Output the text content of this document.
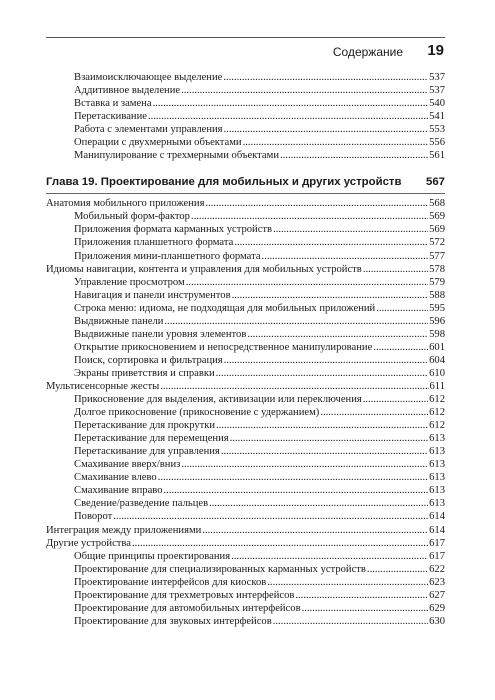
Содержание 19
Взаимоисключающее выделение .....	537
Аддитивное выделение .....	537
Вставка и замена .....	540
Перетаскивание .....	541
Работа с элементами управления .....	553
Операции с двухмерными объектами .....	556
Манипулирование с трехмерными объектами .....	561
Глава 19. Проектирование для мобильных и других устройств	567
Анатомия мобильного приложения .....	568
Мобильный форм-фактор .....	569
Приложения формата карманных устройств .....	569
Приложения планшетного формата .....	572
Приложения мини-планшетного формата .....	577
Идиомы навигации, контента и управления для мобильных устройств .....	578
Управление просмотром .....	579
Навигация и панели инструментов .....	588
Строка меню: идиома, не подходящая для мобильных приложений .....	595
Выдвижные панели .....	596
Выдвижные панели уровня элементов .....	598
Открытие прикосновением и непосредственное манипулирование .....	601
Поиск, сортировка и фильтрация .....	604
Экраны приветствия и справки .....	610
Мультисенсорные жесты .....	611
Прикосновение для выделения, активизации или переключения .....	612
Долгое прикосновение (прикосновение с удержанием) .....	612
Перетаскивание для прокрутки .....	612
Перетаскивание для перемещения .....	613
Перетаскивание для управления .....	613
Смахивание вверх/вниз .....	613
Смахивание влево .....	613
Смахивание вправо .....	613
Сведение/разведение пальцев .....	613
Поворот .....	614
Интеграция между приложениями .....	614
Другие устройства .....	617
Общие принципы проектирования .....	617
Проектирование для специализированных карманных устройств .....	622
Проектирование интерфейсов для киосков .....	623
Проектирование для трехметровых интерфейсов .....	627
Проектирование для автомобильных интерфейсов .....	629
Проектирование для звуковых интерфейсов .....	630
